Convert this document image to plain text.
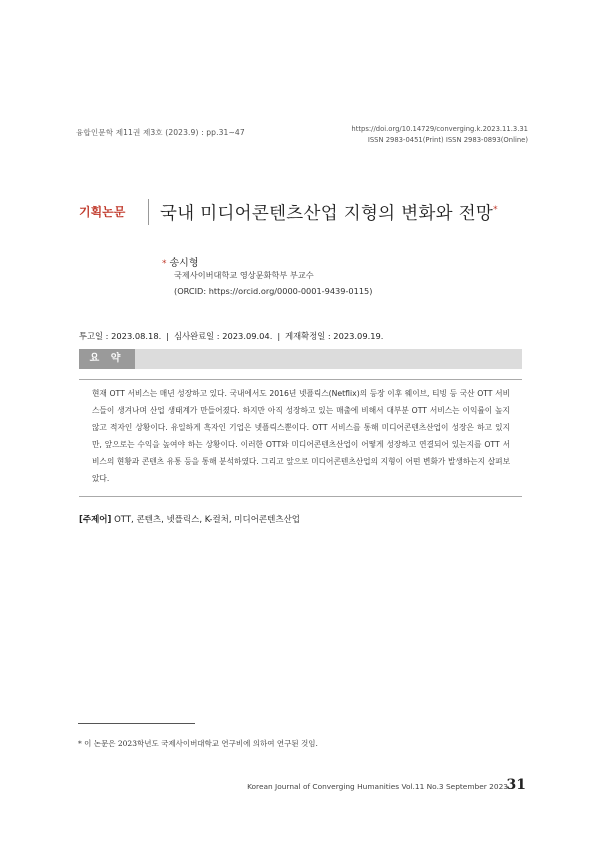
융합인문학 제11권 제3호 (2023.9) : pp.31~47	https://doi.org/10.14729/converging.k.2023.11.3.31
ISSN 2983-0451(Print) ISSN 2983-0893(Online)
기획논문 국내 미디어콘텐츠산업 지형의 변화와 전망*
* 송시형
국제사이버대학교 영상문화학부 부교수
(ORCID: https://orcid.org/0000-0001-9439-0115)
투고일 : 2023.08.18. | 심사완료일 : 2023.09.04. | 게재확정일 : 2023.09.19.
요 약
현재 OTT 서비스는 매년 성장하고 있다. 국내에서도 2016년 넷플릭스(Netflix)의 등장 이후 웨이브, 티빙 등 국산 OTT 서비스들이 생겨나며 산업 생태계가 만들어졌다. 하지만 아직 성장하고 있는 매출에 비해서 대부분 OTT 서비스는 이익률이 높지 않고 적자인 상황이다. 유일하게 흑자인 기업은 넷플릭스뿐이다. OTT 서비스를 통해 미디어콘텐츠산업이 성장은 하고 있지만, 앞으로는 수익을 높여야 하는 상황이다. 이러한 OTT와 미디어콘텐츠산업이 어떻게 성장하고 연결되어 있는지를 OTT 서비스의 현황과 콘텐츠 유통 등을 통해 분석하였다. 그리고 앞으로 미디어콘텐츠산업의 지형이 어떤 변화가 발생하는지 살펴보았다.
[주제어] OTT, 콘텐츠, 넷플릭스, K-컬처, 미디어콘텐츠산업
* 이 논문은 2023학년도 국제사이버대학교 연구비에 의하여 연구된 것임.
Korean Journal of Converging Humanities Vol.11 No.3 September 2023
31
